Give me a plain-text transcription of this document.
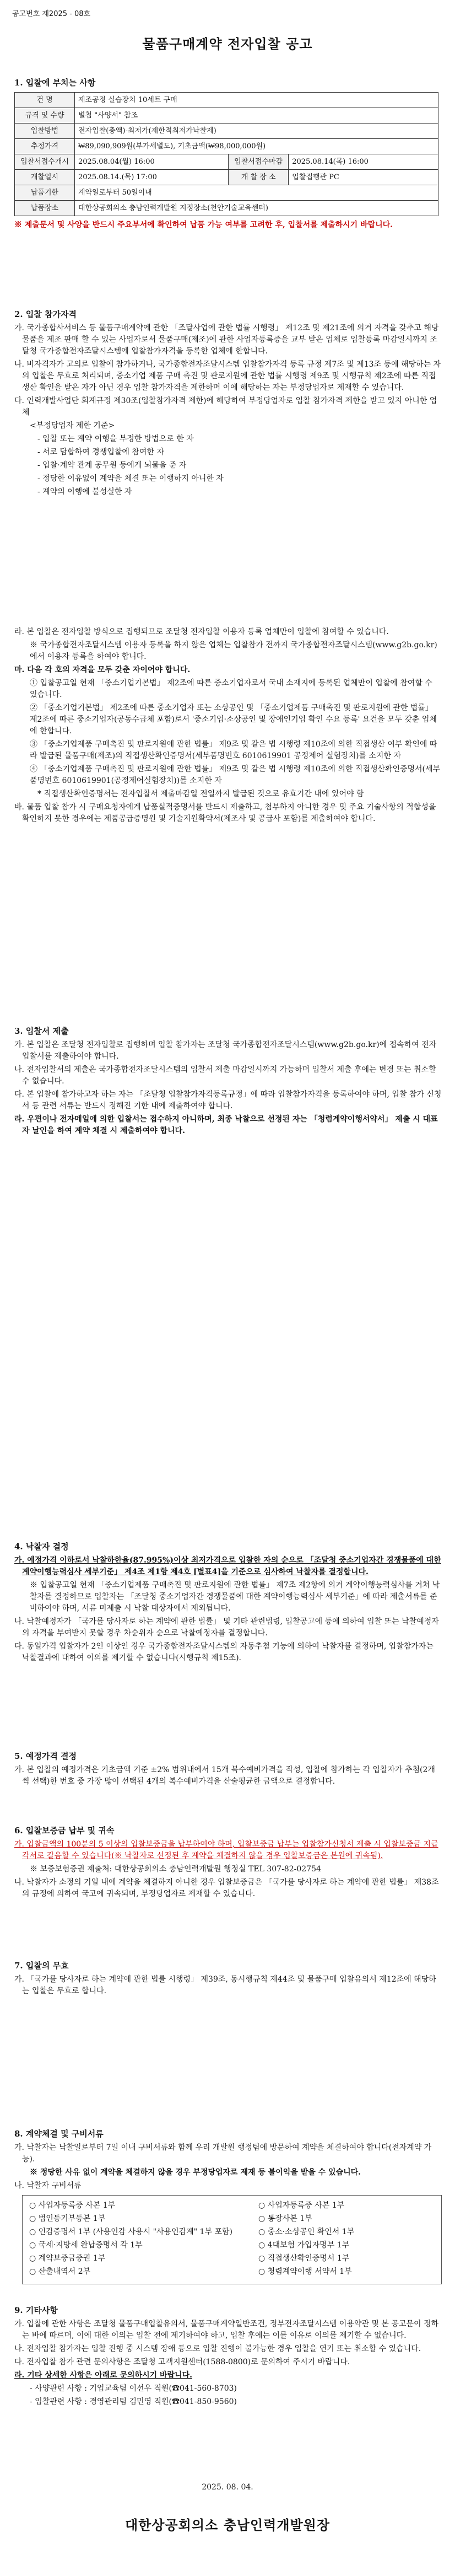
공고번호 제2025 - 08호
물품구매계약 전자입찰 공고
1. 입찰에 부치는 사항
건 명	제조공정 실습장치 10세트 구매		
규격 및 수량	별첨 "사양서" 참조		
입찰방법	전자입찰(총액)-최저가(제한적최저가낙찰제)		
추정가격	₩89,090,909원(부가세별도), 기초금액(₩98,000,000원)		
입찰서접수개시	2025.08.04(월) 16:00	입찰서접수마감	2025.08.14(목) 16:00
개찰일시	2025.08.14.(목) 17:00	개 찰 장 소	입찰집행관 PC
납품기한	계약일로부터 50일이내		
납품장소	대한상공회의소 충남인력개발원 지정장소(천안기술교육센터)		

※ 제출문서 및 사양을 반드시 주요부서에 확인하여 납품 가능 여부를 고려한 후, 입찰서를 제출하시기 바랍니다.

2. 입찰 참가자격

가. 국가종합사서비스 등 물품구매계약에 관한 「조달사업에 관한 법률 시행령」 제12조 및 제21조에 의거 자격을 갖추고 해당물품을 제조 판매 할 수 있는 사업자로서 물품구매(제조)에 관한 사업자등록증을 교부 받은 업체로 입찰등록 마감일시까지 조달청 국가종합전자조달시스템에 입찰참가자격을 등록한 업체에 한합니다.

나. 비자격자가 고의로 입찰에 참가하거나, 국가종합전자조달시스템 입찰참가자격 등록 규정 제7조 및 제13조 등에 해당하는 자의 입찰은 무효로 처리되며, 중소기업 제품 구매 촉진 및 판로지원에 관한 법률 시행령 제9조 및 시행규칙 제2조에 따른 직접생산 확인을 받은 자가 아닌 경우 입찰 참가자격을 제한하며 이에 해당하는 자는 부정당업자로 제재할 수 있습니다.

다. 인력개발사업단 회계규정 제30조(입찰참가자격 제한)에 해당하여 부정당업자로 입찰 참가자격 제한을 받고 있지 아니한 업체

<부정당업자 제한 기준>

- 입찰 또는 계약 이행을 부정한 방법으로 한 자

- 서로 담합하여 경쟁입찰에 참여한 자

- 입찰·계약 관계 공무원 등에게 뇌물을 준 자

- 정당한 이유없이 계약을 체결 또는 이행하지 아니한 자

- 계약의 이행에 불성실한 자

라. 본 입찰은 전자입찰 방식으로 집행되므로 조달청 전자입찰 이용자 등록 업체만이 입찰에 참여할 수 있습니다.

※ 국가종합전자조달시스템 이용자 등록을 하지 않은 업체는 입찰참가 전까지 국가종합전자조달시스템(www.g2b.go.kr)에서 이용자 등록을 하여야 합니다.

마. 다음 각 호의 자격을 모두 갖춘 자이어야 합니다.

① 입찰공고일 현재 「중소기업기본법」 제2조에 따른 중소기업자로서 국내 소재지에 등록된 업체만이 입찰에 참여할 수 있습니다.

② 「중소기업기본법」 제2조에 따른 중소기업자 또는 소상공인 및 「중소기업제품 구매촉진 및 판로지원에 관한 법률」 제2조에 따른 중소기업자(공동수급체 포함)로서 '중소기업·소상공인 및 장애인기업 확인 수요 등록' 요건을 모두 갖춘 업체에 한합니다.

③ 「중소기업제품 구매촉진 및 판로지원에 관한 법률」 제9조 및 같은 법 시행령 제10조에 의한 직접생산 여부 확인에 따라 발급된 물품구매(제조)의 직접생산확인증명서(세부품명번호 6010619901 공정제어 실험장치)를 소지한 자

④ 「중소기업제품 구매촉진 및 판로지원에 관한 법률」 제9조 및 같은 법 시행령 제10조에 의한 직접생산확인증명서(세부품명번호 6010619901(공정제어실험장치))를 소지한 자

* 직접생산확인증명서는 전자입찰서 제출마감일 전일까지 발급된 것으로 유효기간 내에 있어야 함

바. 물품 입찰 참가 시 구매요청자에게 납품실적증명서를 반드시 제출하고, 첨부하지 아니한 경우 및 주요 기술사항의 적합성을 확인하지 못한 경우에는 제품공급증명원 및 기술지원확약서(제조사 및 공급사 포함)를 제출하여야 합니다.

3. 입찰서 제출

가. 본 입찰은 조달청 전자입찰로 집행하며 입찰 참가자는 조달청 국가종합전자조달시스템(www.g2b.go.kr)에 접속하여 전자입찰서를 제출하여야 합니다.

나. 전자입찰서의 제출은 국가종합전자조달시스템의 입찰서 제출 마감일시까지 가능하며 입찰서 제출 후에는 변경 또는 취소할 수 없습니다.

다. 본 입찰에 참가하고자 하는 자는 「조달청 입찰참가자격등록규정」에 따라 입찰참가자격을 등록하여야 하며, 입찰 참가 신청서 등 관련 서류는 반드시 정해진 기한 내에 제출하여야 합니다.

라. 우편이나 전자메일에 의한 입찰서는 접수하지 아니하며, 최종 낙찰으로 선정된 자는 「청렴계약이행서약서」 제출 시 대표자 날인을 하여 계약 체결 시 제출하여야 합니다.

4. 낙찰자 결정

가. 예정가격 이하로서 낙찰하한율(87.995%)이상 최저가격으로 입찰한 자의 순으로 「조달청 중소기업자간 경쟁물품에 대한 계약이행능력심사 세부기준」 제4조 제1항 제4호 [별표4]을 기준으로 심사하여 낙찰자를 결정합니다.

※ 입찰공고일 현재 「중소기업제품 구매촉진 및 판로지원에 관한 법률」 제7조 제2항에 의거 계약이행능력심사를 거쳐 낙찰자를 결정하므로 입찰자는 「조달청 중소기업자간 경쟁물품에 대한 계약이행능력심사 세부기준」에 따라 제출서류를 준비하여야 하며, 서류 미제출 시 낙찰 대상자에서 제외됩니다.

나. 낙찰예정자가 「국가를 당사자로 하는 계약에 관한 법률」 및 기타 관련법령, 입찰공고에 등에 의하여 입찰 또는 낙찰예정자의 자격을 부여받지 못할 경우 차순위자 순으로 낙찰예정자를 결정합니다.

다. 동일가격 입찰자가 2인 이상인 경우 국가종합전자조달시스템의 자동추첨 기능에 의하여 낙찰자를 결정하며, 입찰참가자는 낙찰결과에 대하여 이의를 제기할 수 없습니다(시행규칙 제15조).

5. 예정가격 결정

가. 본 입찰의 예정가격은 기초금액 기준 ±2% 범위내에서 15개 복수예비가격을 작성, 입찰에 참가하는 각 입찰자가 추첨(2개씩 선택)한 번호 중 가장 많이 선택된 4개의 복수예비가격을 산술평균한 금액으로 결정합니다.

6. 입찰보증금 납부 및 귀속

가. 입찰금액의 100분의 5 이상의 입찰보증금을 납부하여야 하며, 입찰보증금 납부는 입찰참가신청서 제출 시 입찰보증금 지급각서로 갈음할 수 있습니다(※ 낙찰자로 선정된 후 계약을 체결하지 않을 경우 입찰보증금은 본원에 귀속됨).

※ 보증보험증권 제출처: 대한상공회의소 충남인력개발원 행정실 TEL 307-82-02754

나. 낙찰자가 소정의 기일 내에 계약을 체결하지 아니한 경우 입찰보증금은 「국가를 당사자로 하는 계약에 관한 법률」 제38조의 규정에 의하여 국고에 귀속되며, 부정당업자로 제재할 수 있습니다.

7. 입찰의 무효

가. 「국가를 당사자로 하는 계약에 관한 법률 시행령」 제39조, 동시행규칙 제44조 및 물품구매 입찰유의서 제12조에 해당하는 입찰은 무효로 합니다.

8. 계약체결 및 구비서류

가. 낙찰자는 낙찰일로부터 7일 이내 구비서류와 함께 우리 개발원 행정팀에 방문하여 계약을 체결하여야 합니다(전자계약 가능).

※ 정당한 사유 없이 계약을 체결하지 않을 경우 부정당업자로 제재 등 불이익을 받을 수 있습니다.

나. 낙찰자 구비서류

○ 사업자등록증 사본 1부

○ 법인등기부등본 1부

○ 인감증명서 1부 (사용인감 사용시 "사용인감계" 1부 포함)

○ 국세·지방세 완납증명서 각 1부

○ 계약보증금증권 1부

○ 산출내역서 2부

○ 사업자등록증 사본 1부

○ 통장사본 1부

○ 중소·소상공인 확인서 1부

○ 4대보험 가입자명부 1부

○ 직접생산확인증명서 1부

○ 청렴계약이행 서약서 1부

9. 기타사항

가. 입찰에 관한 사항은 조달청 물품구매입찰유의서, 물품구매계약일반조건, 정부전자조달시스템 이용약관 및 본 공고문이 정하는 바에 따르며, 이에 대한 이의는 입찰 전에 제기하여야 하고, 입찰 후에는 이를 이유로 이의를 제기할 수 없습니다.

나. 전자입찰 참가자는 입찰 진행 중 시스템 장애 등으로 입찰 진행이 불가능한 경우 입찰을 연기 또는 취소할 수 있습니다.

다. 전자입찰 참가 관련 문의사항은 조달청 고객지원센터(1588-0800)로 문의하여 주시기 바랍니다.

라. 기타 상세한 사항은 아래로 문의하시기 바랍니다.

- 사양관련 사항 : 기업교육팀 이선우 직원(☎041-560-8703)

- 입찰관련 사항 : 경영관리팀 김민영 직원(☎041-850-9560)

2025. 08. 04.
대한상공회의소 충남인력개발원장
